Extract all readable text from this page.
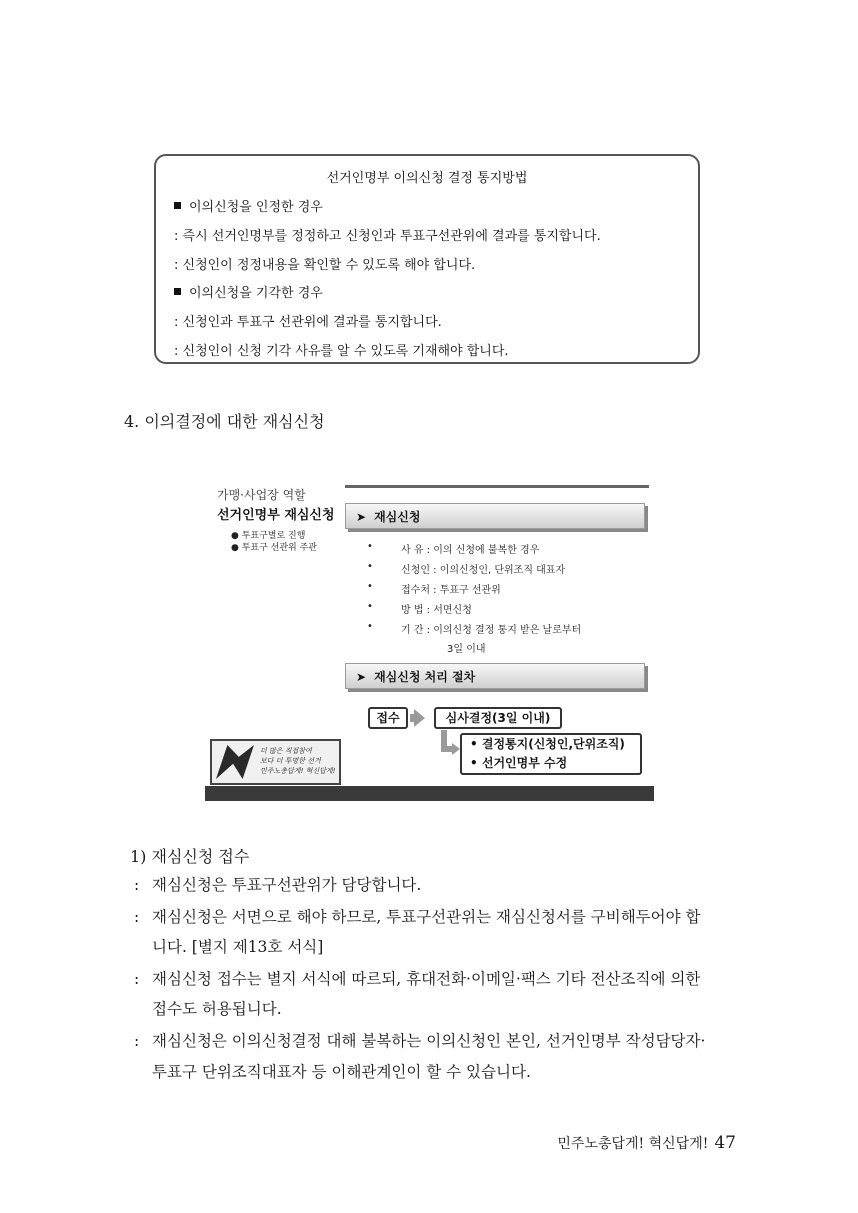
선거인명부 이의신청 결정 통지방법
이의신청을 인정한 경우
: 즉시 선거인명부를 정정하고 신청인과 투표구선관위에 결과를 통지합니다.
: 신청인이 정정내용을 확인할 수 있도록 해야 합니다.
이의신청을 기각한 경우
: 신청인과 투표구 선관위에 결과를 통지합니다.
: 신청인이 신청 기각 사유를 알 수 있도록 기재해야 합니다.
4. 이의결정에 대한 재심신청
가맹·사업장 역할
선거인명부 재심신청
● 투표구별로 진행
● 투표구 선관위 주관
➤ 재심신청
•	사 유 : 이의 신청에 불복한 경우
•	신청인 : 이의신청인, 단위조직 대표자
•	접수처 : 투표구 선관위
•	방 법 : 서면신청
•	기 간 : 이의신청 결정 통지 받은 날로부터
3일 이내
➤ 재심신청 처리 절차
접수	심사결정(3일 이내)
• 결정통지(신청인,단위조직)
• 선거인명부 수정
더 많은 직접참여
보다 더 투명한 선거
민주노총답게! 혁신답게!
1) 재심신청 접수
: 재심신청은 투표구선관위가 담당합니다.
: 재심신청은 서면으로 해야 하므로, 투표구선관위는 재심신청서를 구비해두어야 합
니다. [별지 제13호 서식]
: 재심신청 접수는 별지 서식에 따르되, 휴대전화·이메일·팩스 기타 전산조직에 의한
접수도 허용됩니다.
: 재심신청은 이의신청결정 대해 불복하는 이의신청인 본인, 선거인명부 작성담당자·
투표구 단위조직대표자 등 이해관계인이 할 수 있습니다.
민주노총답게! 혁신답게! 47
